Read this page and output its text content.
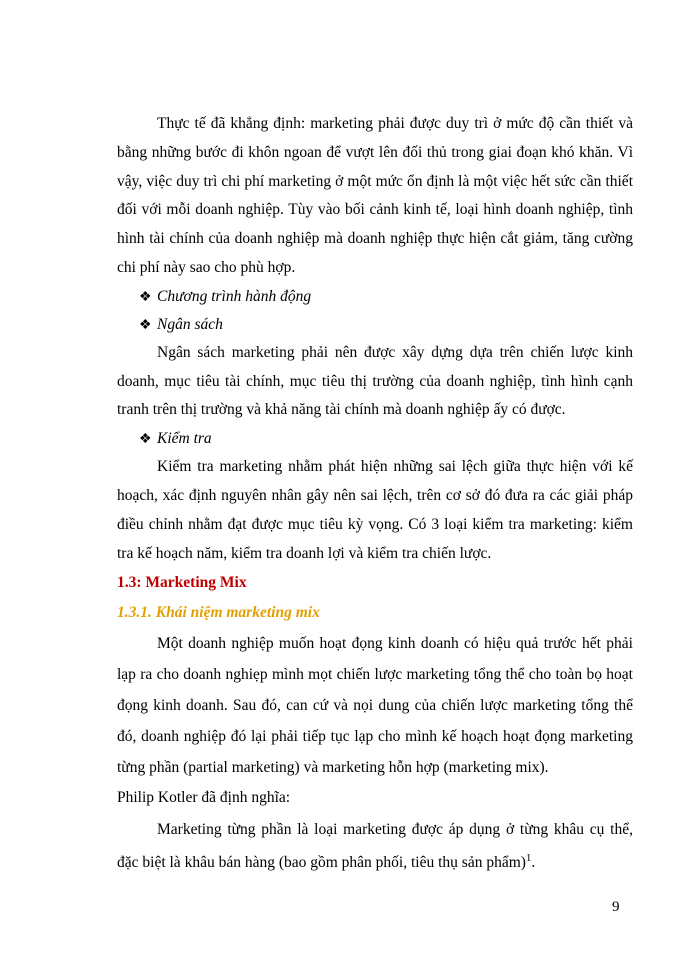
Thực tế đã khẳng định: marketing phải được duy trì ở mức độ cần thiết và bằng những bước đi khôn ngoan để vượt lên đối thủ trong giai đoạn khó khăn. Vì vậy, việc duy trì chi phí marketing ở một mức ổn định là một việc hết sức cần thiết đối với mỗi doanh nghiệp. Tùy vào bối cảnh kinh tế, loại hình doanh nghiệp, tình hình tài chính của doanh nghiệp mà doanh nghiệp thực hiện cắt giảm, tăng cường chi phí này sao cho phù hợp.

❖ Chương trình hành động

❖ Ngân sách

Ngân sách marketing phải nên được xây dựng dựa trên chiến lược kinh doanh, mục tiêu tài chính, mục tiêu thị trường của doanh nghiệp, tình hình cạnh tranh trên thị trường và khả năng tài chính mà doanh nghiệp ấy có được.

❖ Kiểm tra

Kiểm tra marketing nhằm phát hiện những sai lệch giữa thực hiện với kế hoạch, xác định nguyên nhân gây nên sai lệch, trên cơ sở đó đưa ra các giải pháp điều chỉnh nhằm đạt được mục tiêu kỳ vọng. Có 3 loại kiểm tra marketing: kiểm tra kế hoạch năm, kiểm tra doanh lợi và kiểm tra chiến lược.

1.3: Marketing Mix

1.3.1. Khái niệm marketing mix

Một doanh nghiệp muốn hoạt đọng kinh doanh có hiệu quả trước hết phải lạp ra cho doanh nghiẹp mình mọt chiến lược marketing tổng thể cho toàn bọ hoạt đọng kinh doanh. Sau đó, can cứ và nọi dung của chiến lược marketing tổng thể đó, doanh nghiệp đó lại phải tiếp tục lạp cho mình kế hoạch hoạt đọng marketing từng phần (partial marketing) và marketing hỗn hợp (marketing mix).

Philip Kotler đã định nghĩa:

Marketing từng phần là loại marketing được áp dụng ở từng khâu cụ thể, đặc biệt là khâu bán hàng (bao gồm phân phối, tiêu thụ sản phẩm)$^1$.

9
